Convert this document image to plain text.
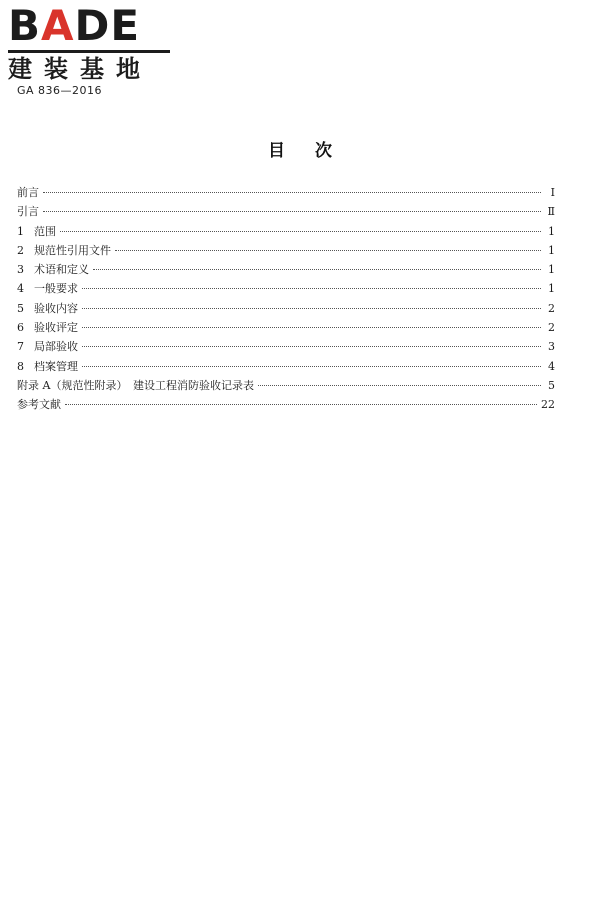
BADE
建装基地
GA 836—2016
目次
前言	Ⅰ
引言	Ⅱ
1 范围	1
2 规范性引用文件	1
3 术语和定义	1
4 一般要求	1
5 验收内容	2
6 验收评定	2
7 局部验收	3
8 档案管理	4
附录 A（规范性附录）　建设工程消防验收记录表	5
参考文献	22
